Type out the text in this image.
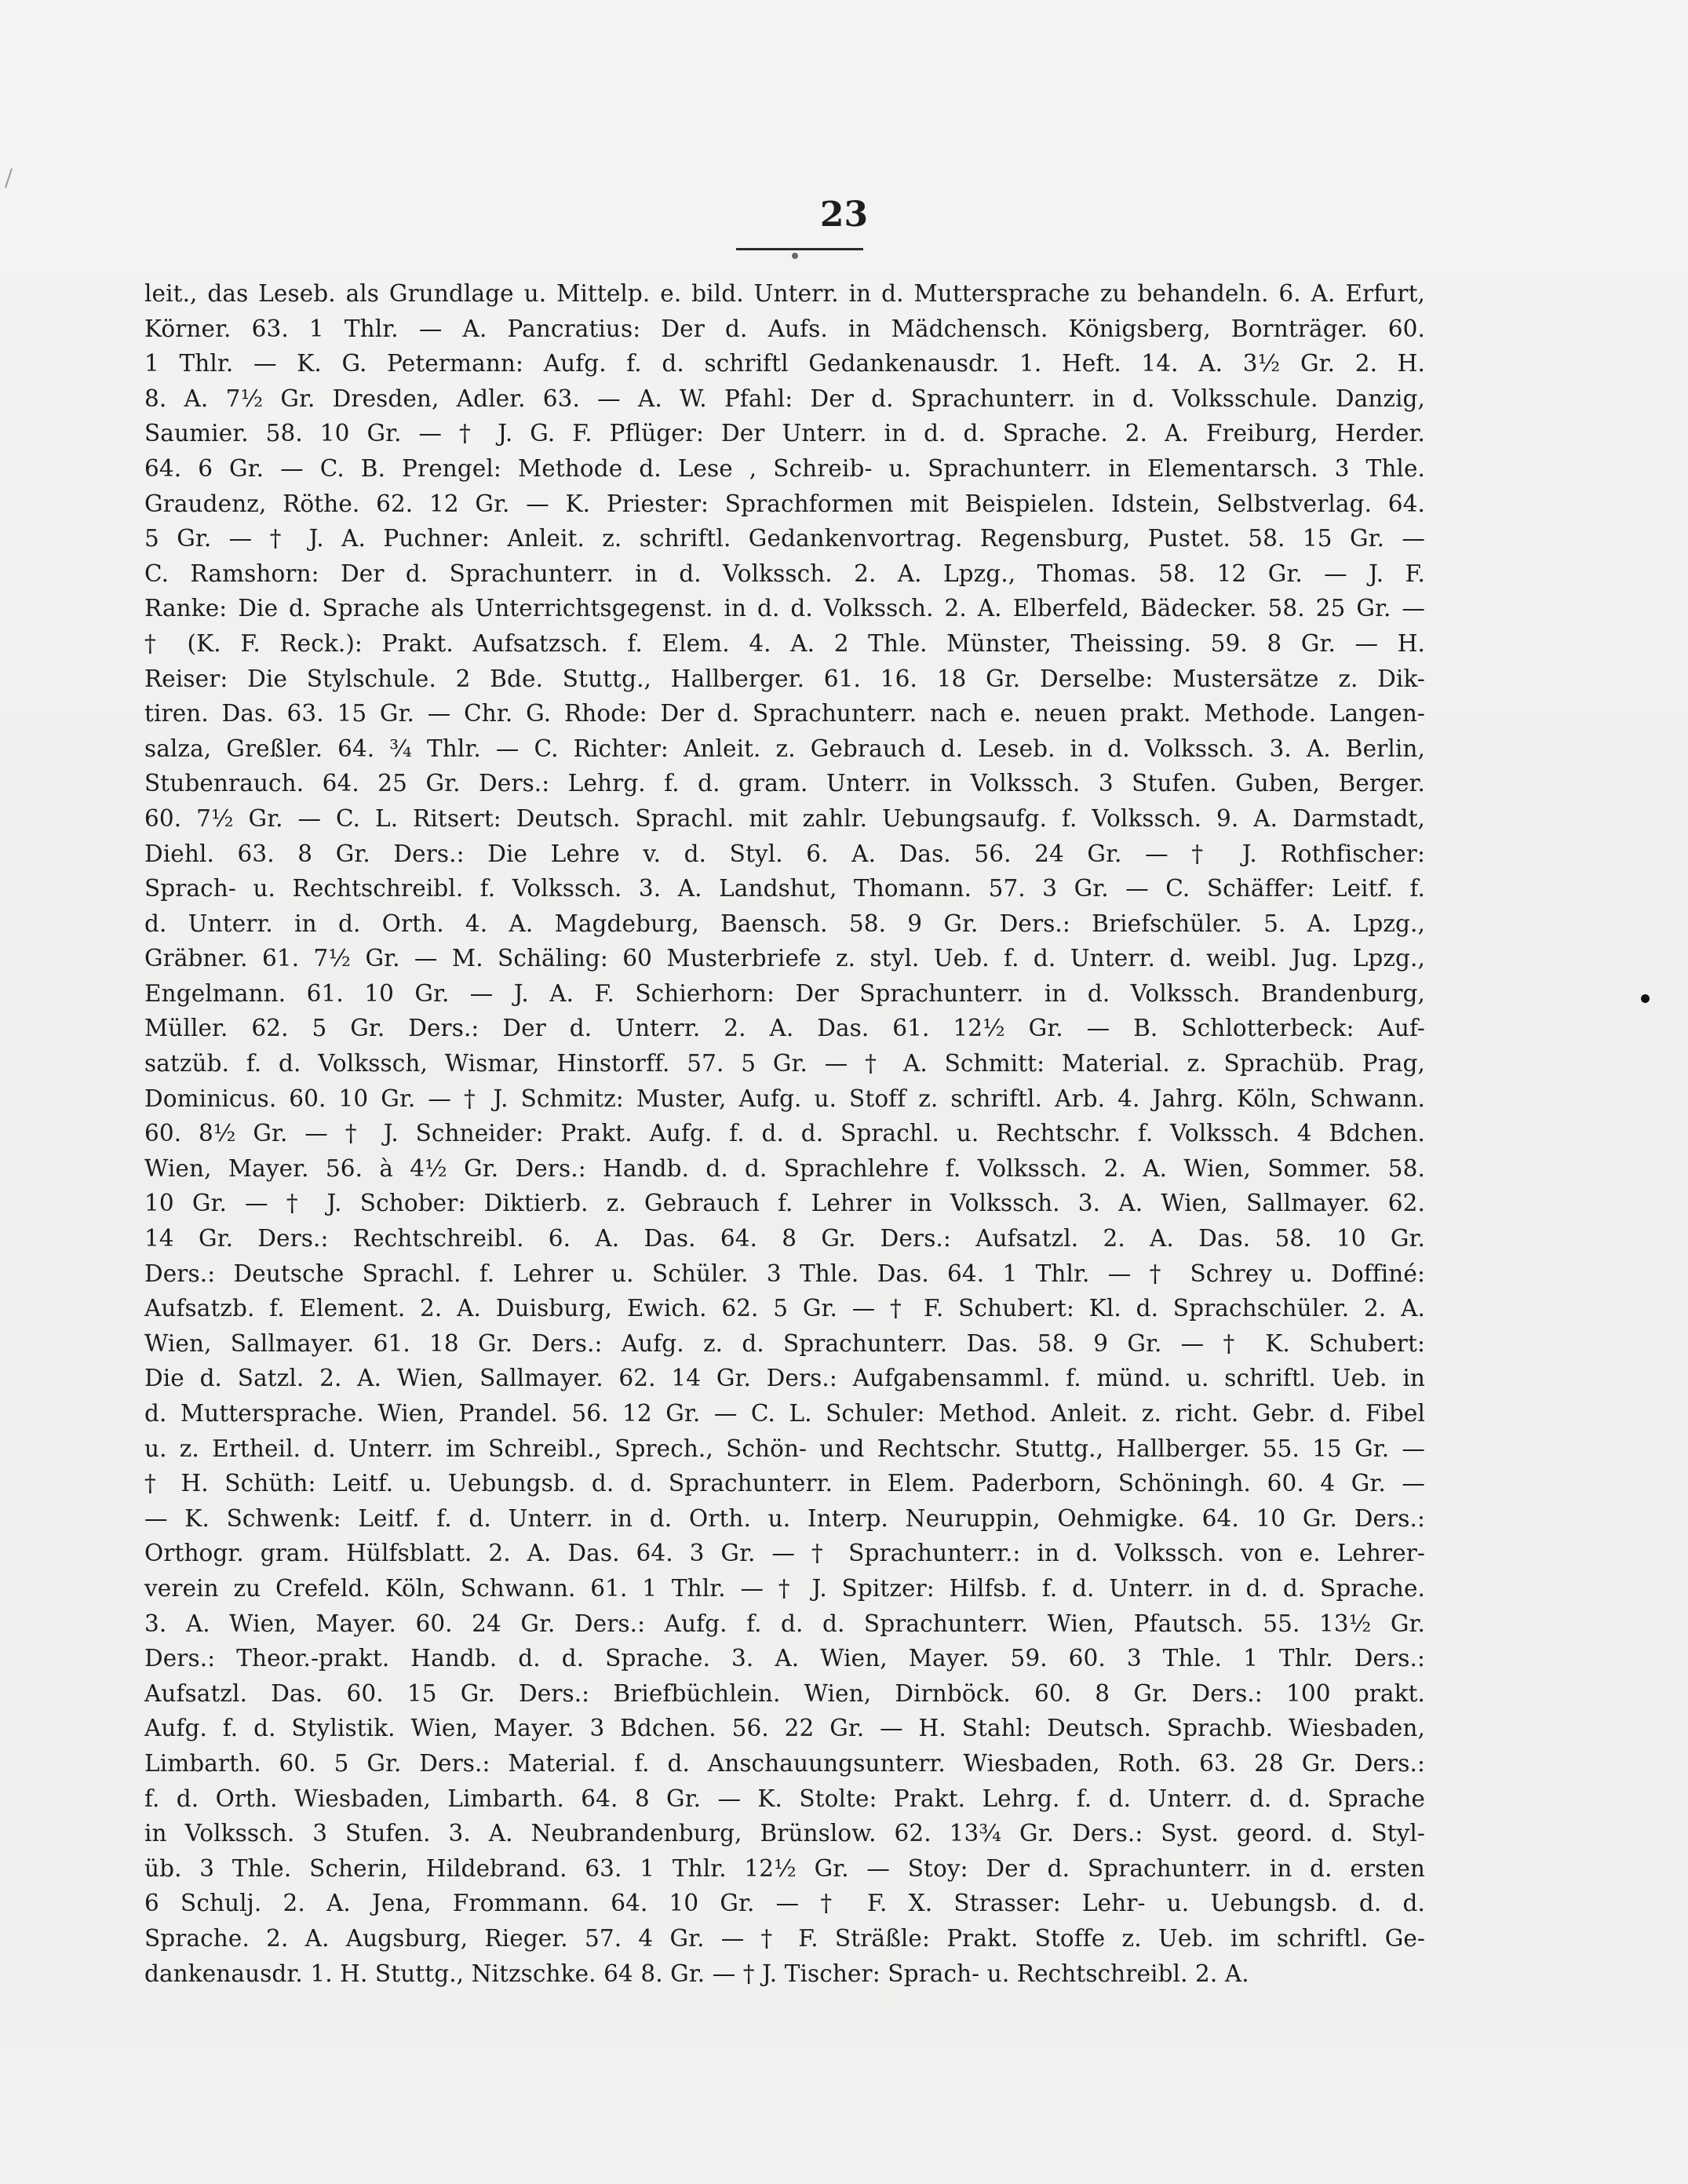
23
leit., das Leseb. als Grundlage u. Mittelp. e. bild. Unterr. in d. Muttersprache zu behandeln. 6. A. Erfurt,
Körner. 63. 1 Thlr. — A. Pancratius: Der d. Aufs. in Mädchensch. Königsberg, Bornträger. 60.
1 Thlr. — K. G. Petermann: Aufg. f. d. schriftl Gedankenausdr. 1. Heft. 14. A. 3½ Gr. 2. H.
8. A. 7½ Gr. Dresden, Adler. 63. — A. W. Pfahl: Der d. Sprachunterr. in d. Volksschule. Danzig,
Saumier. 58. 10 Gr. — † J. G. F. Pflüger: Der Unterr. in d. d. Sprache. 2. A. Freiburg, Herder.
64. 6 Gr. — C. B. Prengel: Methode d. Lese , Schreib- u. Sprachunterr. in Elementarsch. 3 Thle.
Graudenz, Röthe. 62. 12 Gr. — K. Priester: Sprachformen mit Beispielen. Idstein, Selbstverlag. 64.
5 Gr. — † J. A. Puchner: Anleit. z. schriftl. Gedankenvortrag. Regensburg, Pustet. 58. 15 Gr. —
C. Ramshorn: Der d. Sprachunterr. in d. Volkssch. 2. A. Lpzg., Thomas. 58. 12 Gr. — J. F.
Ranke: Die d. Sprache als Unterrichtsgegenst. in d. d. Volkssch. 2. A. Elberfeld, Bädecker. 58. 25 Gr. —
† (K. F. Reck.): Prakt. Aufsatzsch. f. Elem. 4. A. 2 Thle. Münster, Theissing. 59. 8 Gr. — H.
Reiser: Die Stylschule. 2 Bde. Stuttg., Hallberger. 61. 16. 18 Gr. Derselbe: Mustersätze z. Dik-
tiren. Das. 63. 15 Gr. — Chr. G. Rhode: Der d. Sprachunterr. nach e. neuen prakt. Methode. Langen-
salza, Greßler. 64. ¾ Thlr. — C. Richter: Anleit. z. Gebrauch d. Leseb. in d. Volkssch. 3. A. Berlin,
Stubenrauch. 64. 25 Gr. Ders.: Lehrg. f. d. gram. Unterr. in Volkssch. 3 Stufen. Guben, Berger.
60. 7½ Gr. — C. L. Ritsert: Deutsch. Sprachl. mit zahlr. Uebungsaufg. f. Volkssch. 9. A. Darmstadt,
Diehl. 63. 8 Gr. Ders.: Die Lehre v. d. Styl. 6. A. Das. 56. 24 Gr. — † J. Rothfischer:
Sprach- u. Rechtschreibl. f. Volkssch. 3. A. Landshut, Thomann. 57. 3 Gr. — C. Schäffer: Leitf. f.
d. Unterr. in d. Orth. 4. A. Magdeburg, Baensch. 58. 9 Gr. Ders.: Briefschüler. 5. A. Lpzg.,
Gräbner. 61. 7½ Gr. — M. Schäling: 60 Musterbriefe z. styl. Ueb. f. d. Unterr. d. weibl. Jug. Lpzg.,
Engelmann. 61. 10 Gr. — J. A. F. Schierhorn: Der Sprachunterr. in d. Volkssch. Brandenburg,
Müller. 62. 5 Gr. Ders.: Der d. Unterr. 2. A. Das. 61. 12½ Gr. — B. Schlotterbeck: Auf-
satzüb. f. d. Volkssch, Wismar, Hinstorff. 57. 5 Gr. — † A. Schmitt: Material. z. Sprachüb. Prag,
Dominicus. 60. 10 Gr. — † J. Schmitz: Muster, Aufg. u. Stoff z. schriftl. Arb. 4. Jahrg. Köln, Schwann.
60. 8½ Gr. — † J. Schneider: Prakt. Aufg. f. d. d. Sprachl. u. Rechtschr. f. Volkssch. 4 Bdchen.
Wien, Mayer. 56. à 4½ Gr. Ders.: Handb. d. d. Sprachlehre f. Volkssch. 2. A. Wien, Sommer. 58.
10 Gr. — † J. Schober: Diktierb. z. Gebrauch f. Lehrer in Volkssch. 3. A. Wien, Sallmayer. 62.
14 Gr. Ders.: Rechtschreibl. 6. A. Das. 64. 8 Gr. Ders.: Aufsatzl. 2. A. Das. 58. 10 Gr.
Ders.: Deutsche Sprachl. f. Lehrer u. Schüler. 3 Thle. Das. 64. 1 Thlr. — † Schrey u. Doffiné:
Aufsatzb. f. Element. 2. A. Duisburg, Ewich. 62. 5 Gr. — † F. Schubert: Kl. d. Sprachschüler. 2. A.
Wien, Sallmayer. 61. 18 Gr. Ders.: Aufg. z. d. Sprachunterr. Das. 58. 9 Gr. — † K. Schubert:
Die d. Satzl. 2. A. Wien, Sallmayer. 62. 14 Gr. Ders.: Aufgabensamml. f. münd. u. schriftl. Ueb. in
d. Muttersprache. Wien, Prandel. 56. 12 Gr. — C. L. Schuler: Method. Anleit. z. richt. Gebr. d. Fibel
u. z. Ertheil. d. Unterr. im Schreibl., Sprech., Schön- und Rechtschr. Stuttg., Hallberger. 55. 15 Gr. —
† H. Schüth: Leitf. u. Uebungsb. d. d. Sprachunterr. in Elem. Paderborn, Schöningh. 60. 4 Gr. —
— K. Schwenk: Leitf. f. d. Unterr. in d. Orth. u. Interp. Neuruppin, Oehmigke. 64. 10 Gr. Ders.:
Orthogr. gram. Hülfsblatt. 2. A. Das. 64. 3 Gr. — † Sprachunterr.: in d. Volkssch. von e. Lehrer-
verein zu Crefeld. Köln, Schwann. 61. 1 Thlr. — † J. Spitzer: Hilfsb. f. d. Unterr. in d. d. Sprache.
3. A. Wien, Mayer. 60. 24 Gr. Ders.: Aufg. f. d. d. Sprachunterr. Wien, Pfautsch. 55. 13½ Gr.
Ders.: Theor.-prakt. Handb. d. d. Sprache. 3. A. Wien, Mayer. 59. 60. 3 Thle. 1 Thlr. Ders.:
Aufsatzl. Das. 60. 15 Gr. Ders.: Briefbüchlein. Wien, Dirnböck. 60. 8 Gr. Ders.: 100 prakt.
Aufg. f. d. Stylistik. Wien, Mayer. 3 Bdchen. 56. 22 Gr. — H. Stahl: Deutsch. Sprachb. Wiesbaden,
Limbarth. 60. 5 Gr. Ders.: Material. f. d. Anschauungsunterr. Wiesbaden, Roth. 63. 28 Gr. Ders.:
f. d. Orth. Wiesbaden, Limbarth. 64. 8 Gr. — K. Stolte: Prakt. Lehrg. f. d. Unterr. d. d. Sprache
in Volkssch. 3 Stufen. 3. A. Neubrandenburg, Brünslow. 62. 13¾ Gr. Ders.: Syst. geord. d. Styl-
üb. 3 Thle. Scherin, Hildebrand. 63. 1 Thlr. 12½ Gr. — Stoy: Der d. Sprachunterr. in d. ersten
6 Schulj. 2. A. Jena, Frommann. 64. 10 Gr. — † F. X. Strasser: Lehr- u. Uebungsb. d. d.
Sprache. 2. A. Augsburg, Rieger. 57. 4 Gr. — † F. Sträßle: Prakt. Stoffe z. Ueb. im schriftl. Ge-
dankenausdr. 1. H. Stuttg., Nitzschke. 64 8. Gr. — † J. Tischer: Sprach- u. Rechtschreibl. 2. A.
